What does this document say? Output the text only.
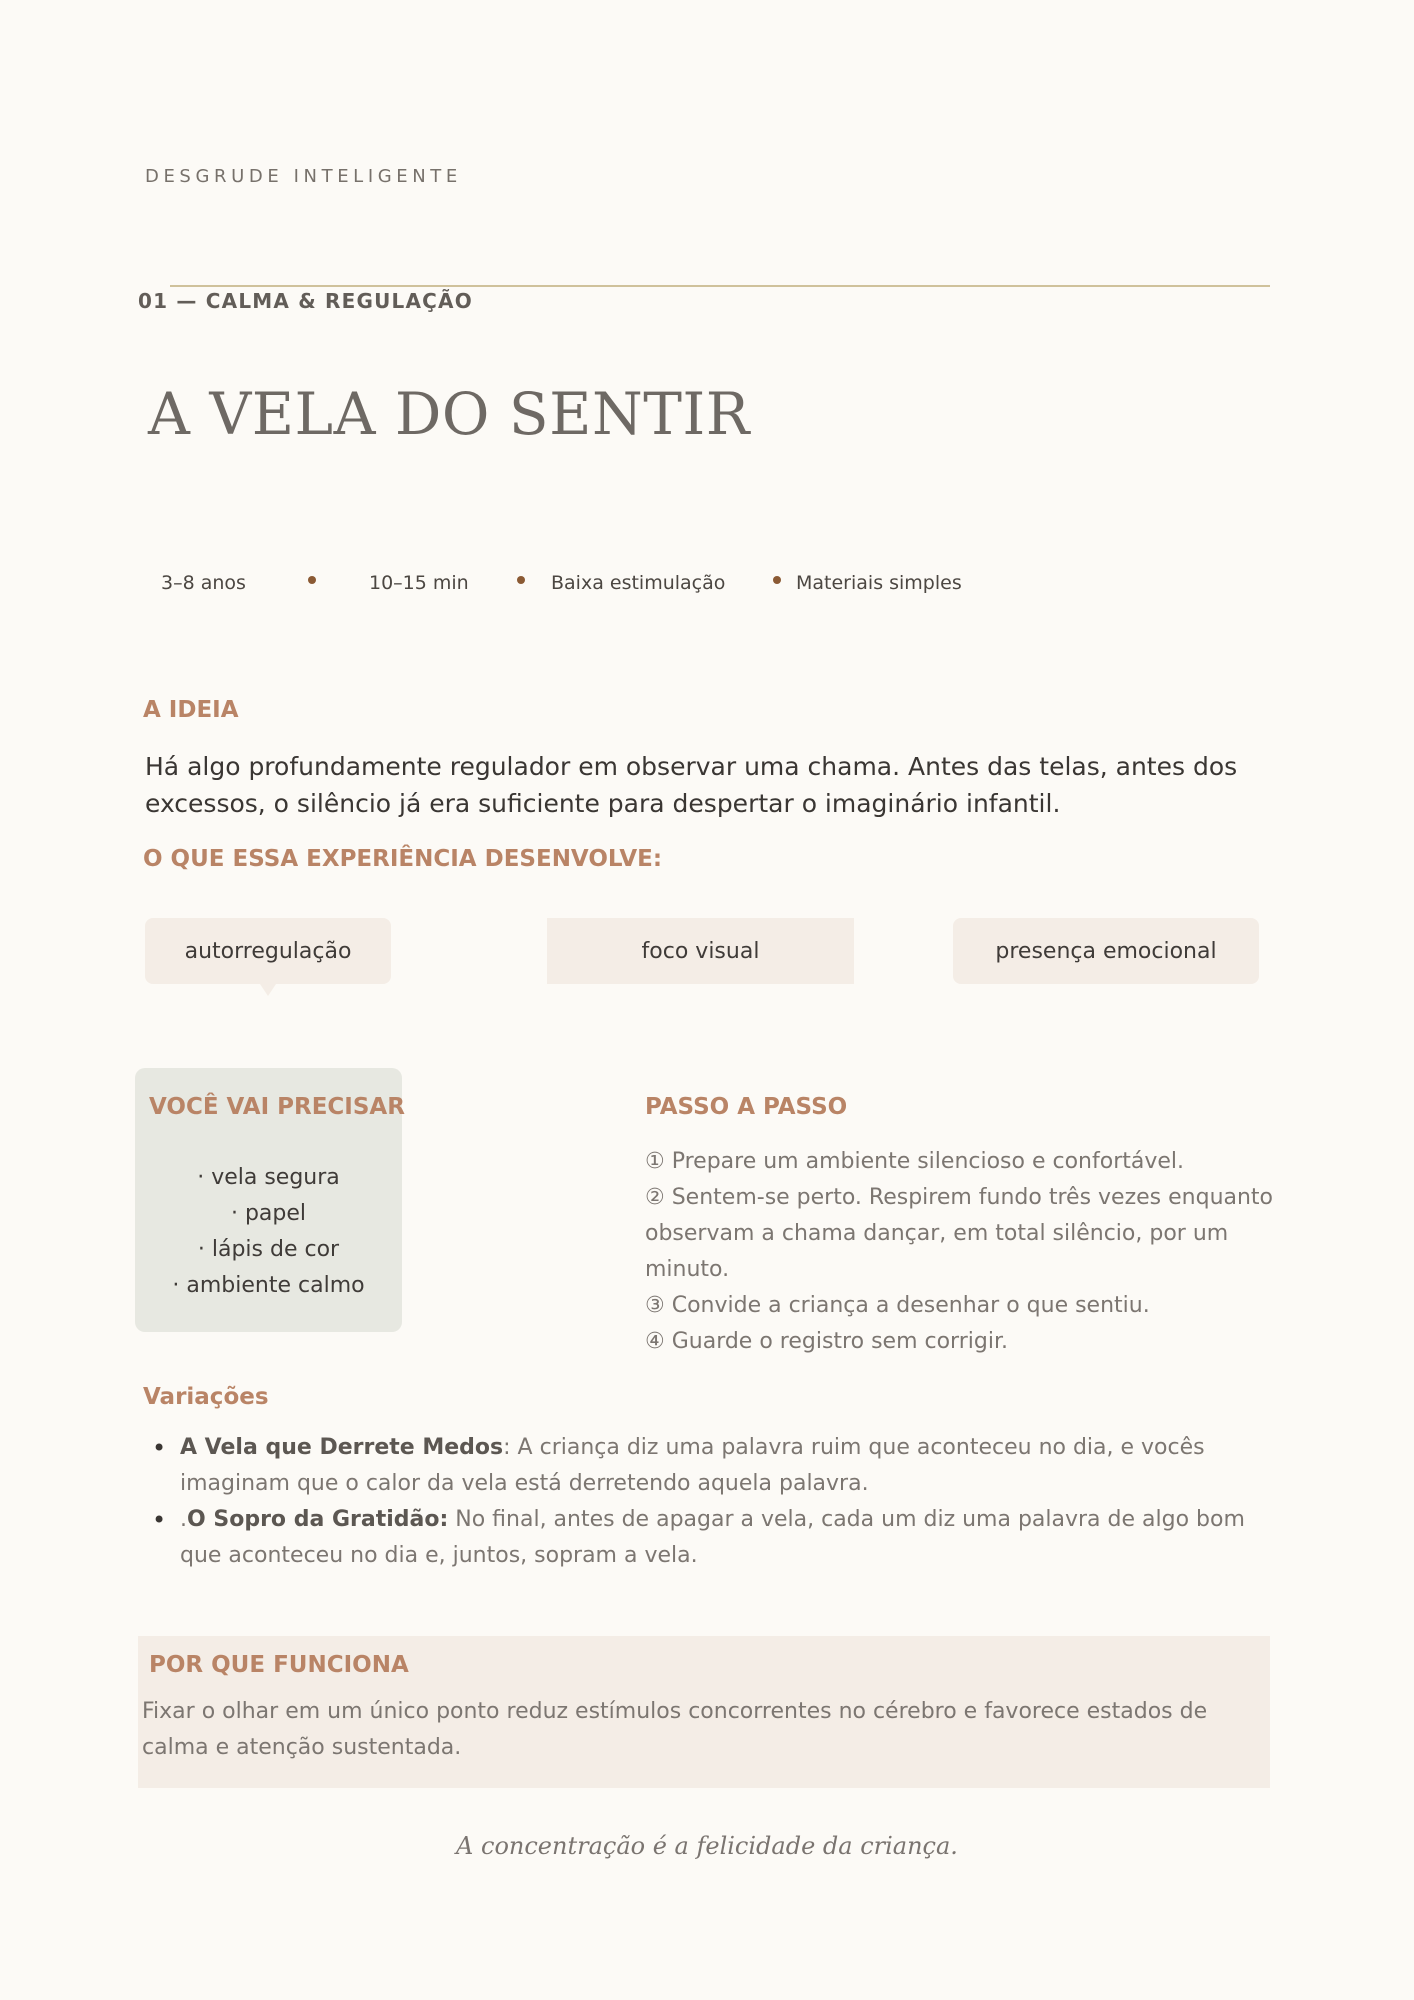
DESGRUDE INTELIGENTE
01 — CALMA & REGULAÇÃO
A VELA DO SENTIR
3–8 anos	10–15 min	Baixa estimulação	Materiais simples
A IDEIA
Há algo profundamente regulador em observar uma chama. Antes das telas, antes dos excessos, o silêncio já era suficiente para despertar o imaginário infantil.
O QUE ESSA EXPERIÊNCIA DESENVOLVE:
autorregulação	foco visual	presença emocional
VOCÊ VAI PRECISAR
· vela segura
· papel
· lápis de cor
· ambiente calmo
PASSO A PASSO
① Prepare um ambiente silencioso e confortável.
② Sentem-se perto. Respirem fundo três vezes enquanto observam a chama dançar, em total silêncio, por um minuto.
③ Convide a criança a desenhar o que sentiu.
④ Guarde o registro sem corrigir.
Variações
• A Vela que Derrete Medos: A criança diz uma palavra ruim que aconteceu no dia, e vocês imaginam que o calor da vela está derretendo aquela palavra.
• .O Sopro da Gratidão: No final, antes de apagar a vela, cada um diz uma palavra de algo bom que aconteceu no dia e, juntos, sopram a vela.
POR QUE FUNCIONA
Fixar o olhar em um único ponto reduz estímulos concorrentes no cérebro e favorece estados de calma e atenção sustentada.
A concentração é a felicidade da criança.
